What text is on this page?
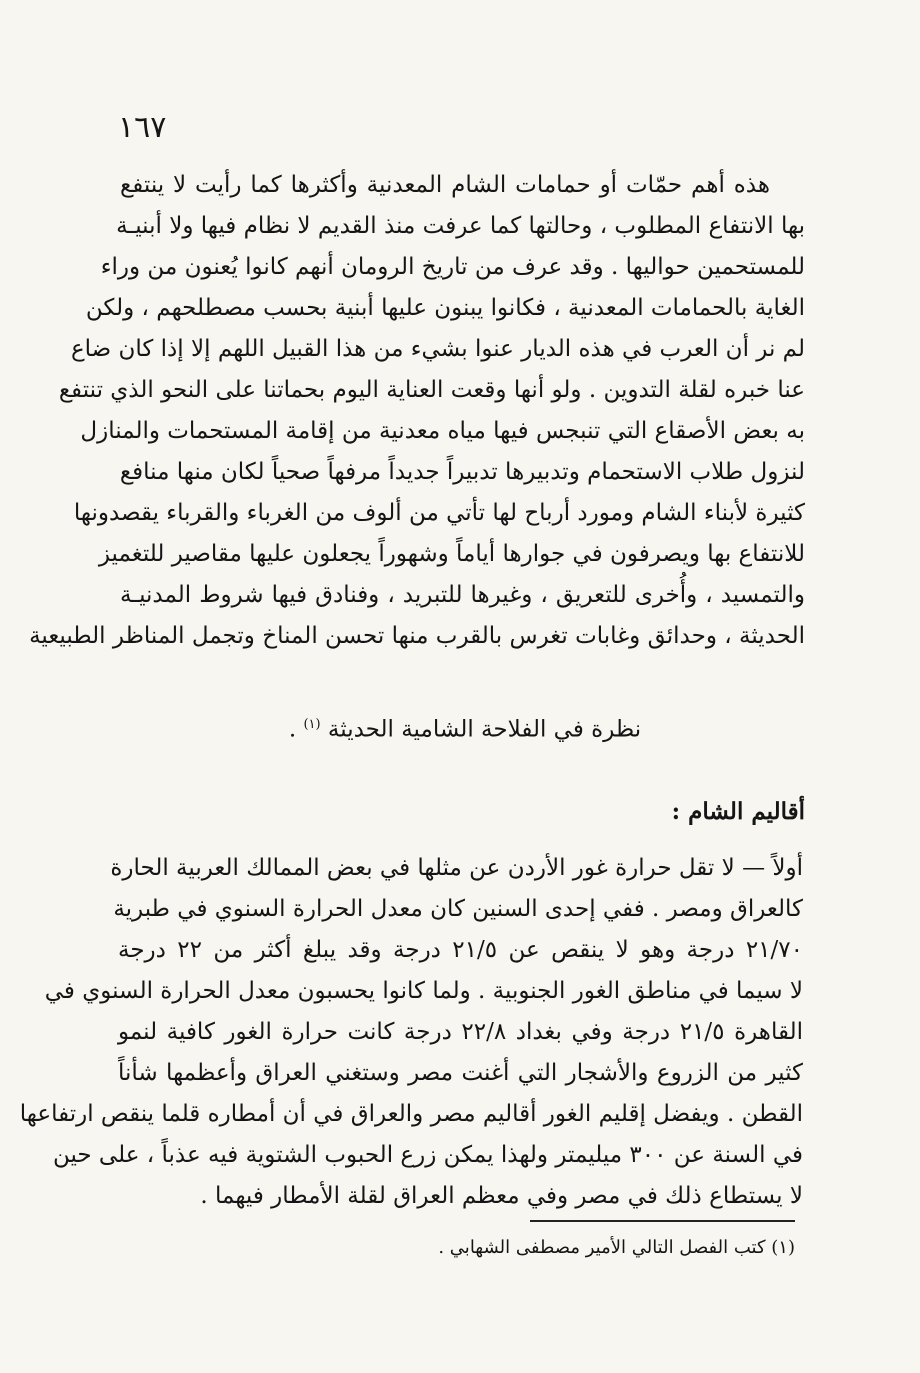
١٦٧
هذه أهم حمّات أو حمامات الشام المعدنية وأكثرها كما رأيت لا ينتفع
بها الانتفاع المطلوب ، وحالتها كما عرفت منذ القديم لا نظام فيها ولا أبنيـة
للمستحمين حواليها . وقد عرف من تاريخ الرومان أنهم كانوا يُعنون من وراء
الغاية بالحمامات المعدنية ، فكانوا يبنون عليها أبنية بحسب مصطلحهم ، ولكن
لم نر أن العرب في هذه الديار عنوا بشيء من هذا القبيل اللهم إلا إذا كان ضاع
عنا خبره لقلة التدوين . ولو أنها وقعت العناية اليوم بحماتنا على النحو الذي تنتفع
به بعض الأصقاع التي تنبجس فيها مياه معدنية من إقامة المستحمات والمنازل
لنزول طلاب الاستحمام وتدبيرها تدبيراً جديداً مرفهاً صحياً لكان منها منافع
كثيرة لأبناء الشام ومورد أرباح لها تأتي من ألوف من الغرباء والقرباء يقصدونها
للانتفاع بها ويصرفون في جوارها أياماً وشهوراً يجعلون عليها مقاصير للتغميز
والتمسيد ، وأُخرى للتعريق ، وغيرها للتبريد ، وفنادق فيها شروط المدنيـة
الحديثة ، وحدائق وغابات تغرس بالقرب منها تحسن المناخ وتجمل المناظر الطبيعية
نظرة في الفلاحة الشامية الحديثة $^{(١)}$ .
أقاليم الشام :
أولاً — لا تقل حرارة غور الأردن عن مثلها في بعض الممالك العربية الحارة
كالعراق ومصر . ففي إحدى السنين كان معدل الحرارة السنوي في طبرية
٢١/٧٠ درجة وهو لا ينقص عن ٢١/٥ درجة وقد يبلغ أكثر من ٢٢ درجة
لا سيما في مناطق الغور الجنوبية . ولما كانوا يحسبون معدل الحرارة السنوي في
القاهرة ٢١/٥ درجة وفي بغداد ٢٢/٨ درجة كانت حرارة الغور كافية لنمو
كثير من الزروع والأشجار التي أغنت مصر وستغني العراق وأعظمها شأناً
القطن . ويفضل إقليم الغور أقاليم مصر والعراق في أن أمطاره قلما ينقص ارتفاعها
في السنة عن ٣٠٠ ميليمتر ولهذا يمكن زرع الحبوب الشتوية فيه عذباً ، على حين
لا يستطاع ذلك في مصر وفي معظم العراق لقلة الأمطار فيهما .
(١) كتب الفصل التالي الأمير مصطفى الشهابي .
